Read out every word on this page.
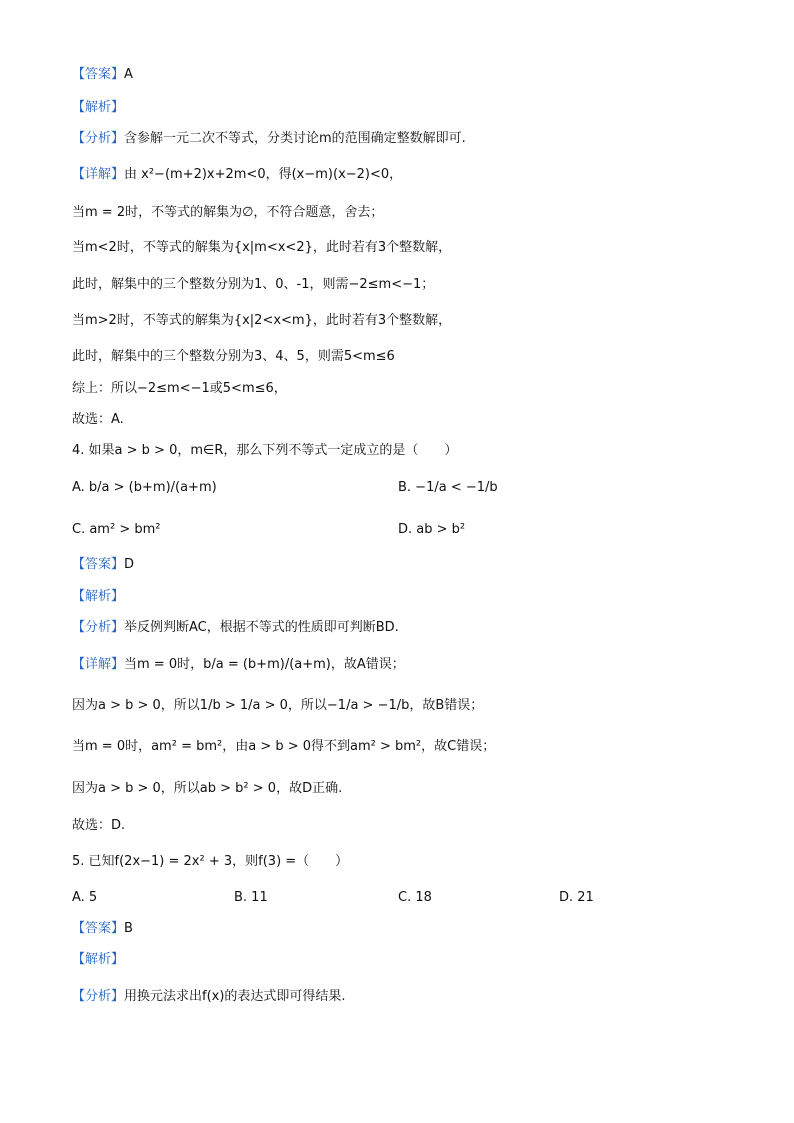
【答案】A
【解析】
【分析】含参解一元二次不等式，分类讨论m的范围确定整数解即可.
【详解】由 x²−(m+2)x+2m<0，得(x−m)(x−2)<0，
当m = 2时，不等式的解集为∅，不符合题意，舍去；
当m<2时，不等式的解集为{x|m<x<2}，此时若有3个整数解，
此时，解集中的三个整数分别为1、0、-1，则需−2≤m<−1；
当m>2时，不等式的解集为{x|2<x<m}，此时若有3个整数解，
此时，解集中的三个整数分别为3、4、5，则需5<m≤6
综上：所以−2≤m<−1或5<m≤6，
故选：A.
4. 如果a > b > 0，m∈R，那么下列不等式一定成立的是（　　）
A. b/a > (b+m)/(a+m)	B. −1/a < −1/b
C. am² > bm²	D. ab > b²
【答案】D
【解析】
【分析】举反例判断AC，根据不等式的性质即可判断BD.
【详解】当m = 0时，b/a = (b+m)/(a+m)，故A错误；
因为a > b > 0，所以1/b > 1/a > 0，所以−1/a > −1/b，故B错误；
当m = 0时，am² = bm²，由a > b > 0得不到am² > bm²，故C错误；
因为a > b > 0，所以ab > b² > 0，故D正确.
故选：D.
5. 已知f(2x−1) = 2x² + 3，则f(3) =（　　）
A. 5	B. 11	C. 18	D. 21
【答案】B
【解析】
【分析】用换元法求出f(x)的表达式即可得结果.
